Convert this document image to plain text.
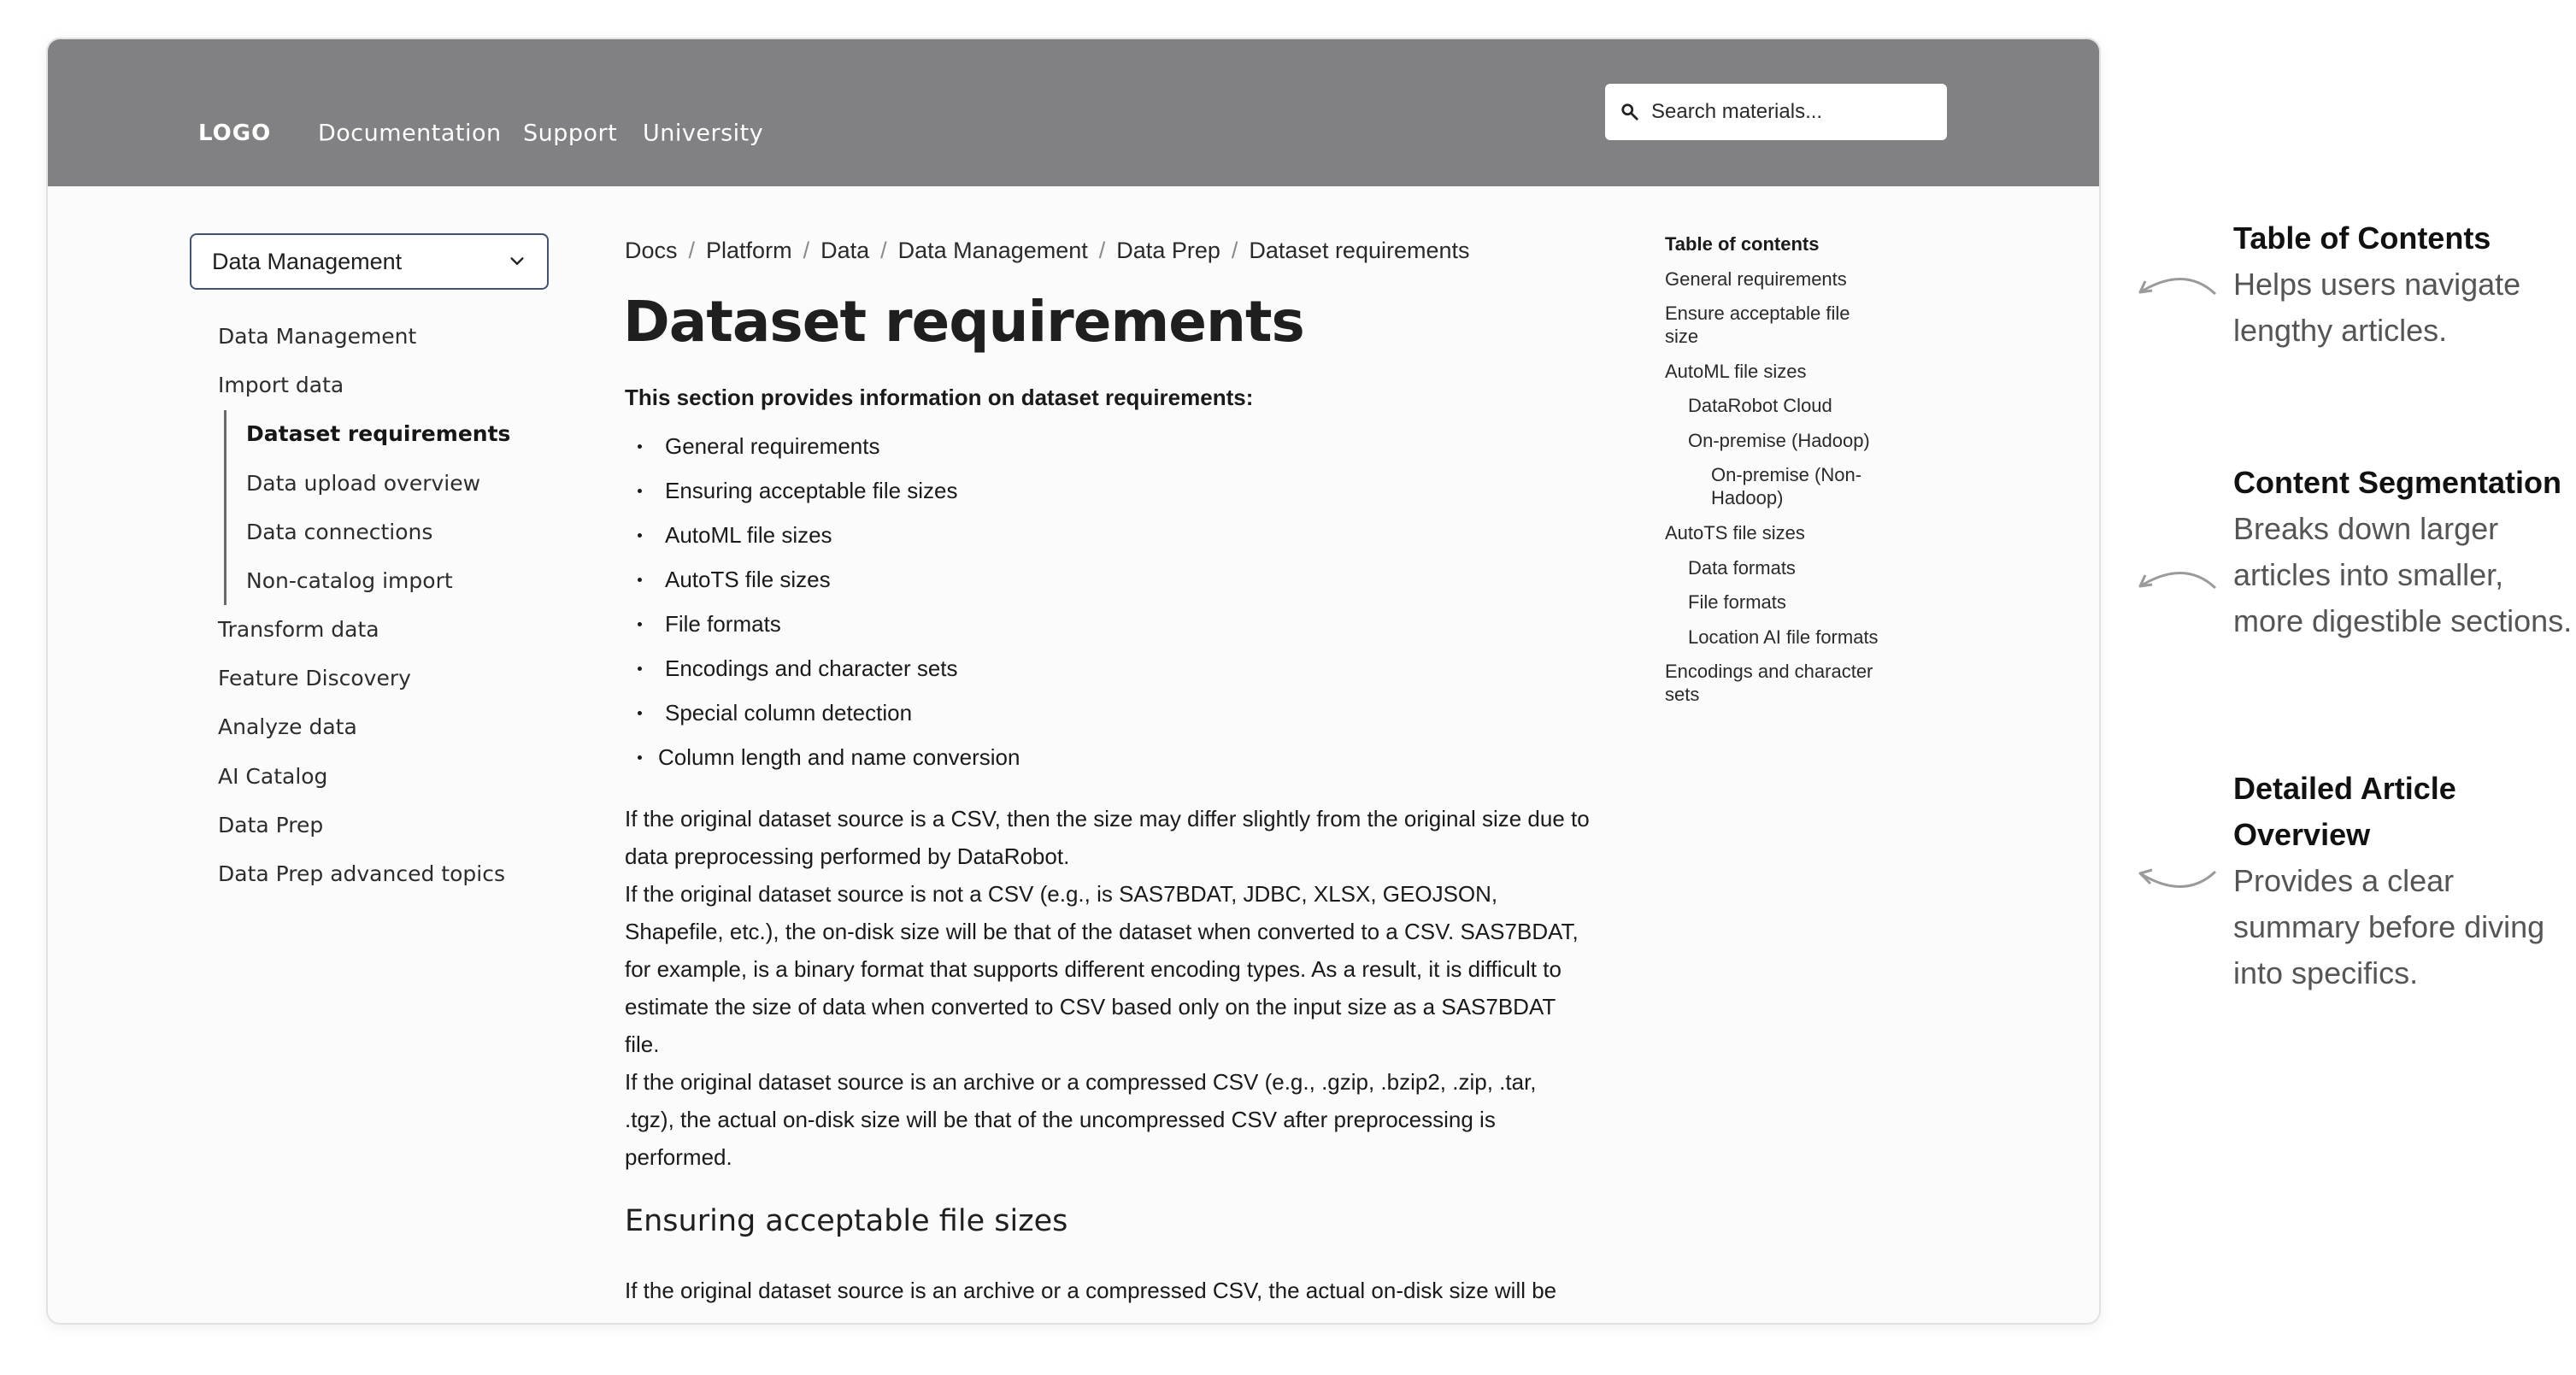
LOGO Documentation Support University
Search materials...
Data Management
Data Management
Import data
Dataset requirements
Data upload overview
Data connections
Non-catalog import
Transform data
Feature Discovery
Analyze data
AI Catalog
Data Prep
Data Prep advanced topics
Docs / Platform / Data / Data Management / Data Prep / Dataset requirements
Dataset requirements
This section provides information on dataset requirements:
General requirements
Ensuring acceptable file sizes
AutoML file sizes
AutoTS file sizes
File formats
Encodings and character sets
Special column detection
Column length and name conversion

If the original dataset source is a CSV, then the size may differ slightly from the original size due to data preprocessing performed by DataRobot.

If the original dataset source is not a CSV (e.g., is SAS7BDAT, JDBC, XLSX, GEOJSON, Shapefile, etc.), the on-disk size will be that of the dataset when converted to a CSV. SAS7BDAT, for example, is a binary format that supports different encoding types. As a result, it is difficult to estimate the size of data when converted to CSV based only on the input size as a SAS7BDAT file.

If the original dataset source is an archive or a compressed CSV (e.g., .gzip, .bzip2, .zip, .tar, .tgz), the actual on-disk size will be that of the uncompressed CSV after preprocessing is performed.

Ensuring acceptable file sizes
If the original dataset source is an archive or a compressed CSV, the actual on-disk size will be
Table of contents
General requirements
Ensure acceptable file size
AutoML file sizes
DataRobot Cloud
On-premise (Hadoop)
On-premise (Non-Hadoop)
AutoTS file sizes
Data formats
File formats
Location AI file formats
Encodings and character sets
Table of Contents
Helps users navigate lengthy articles.
Content Segmentation
Breaks down larger articles into smaller, more digestible sections.
Detailed Article Overview
Provides a clear summary before diving into specifics.
